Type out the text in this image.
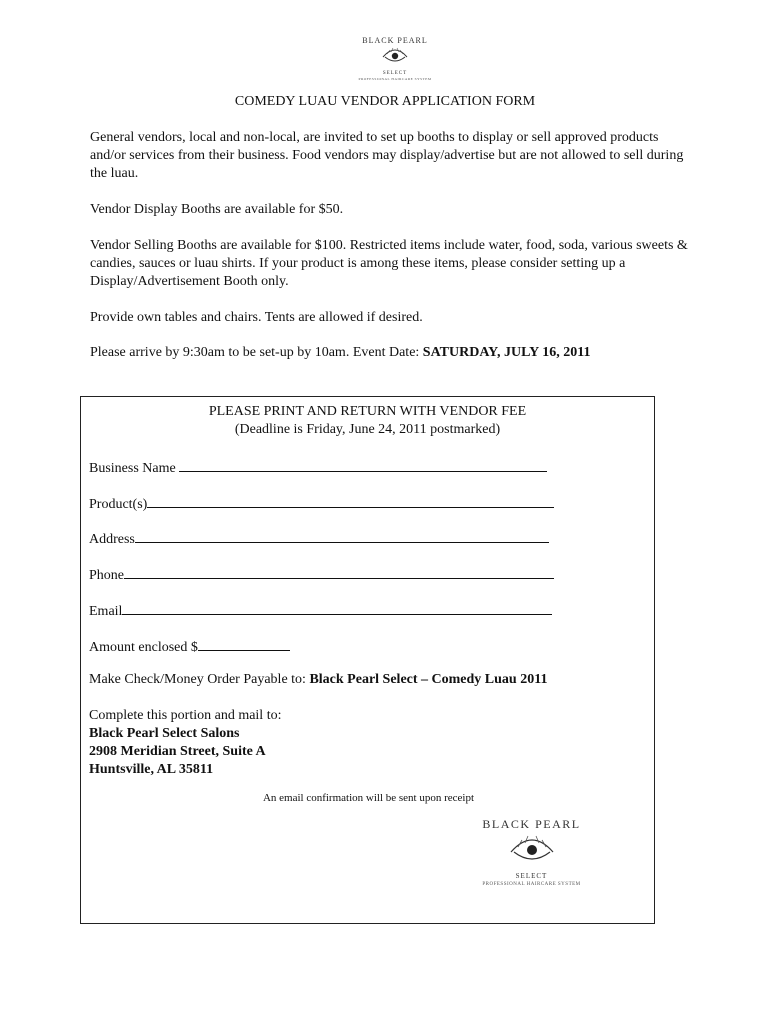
BLACK PEARL
SELECT
PROFESSIONAL HAIRCARE SYSTEM
COMEDY LUAU VENDOR APPLICATION FORM

General vendors, local and non-local, are invited to set up booths to display or sell approved products and/or services from their business. Food vendors may display/advertise but are not allowed to sell during the luau.

Vendor Display Booths are available for $50.

Vendor Selling Booths are available for $100. Restricted items include water, food, soda, various sweets & candies, sauces or luau shirts. If your product is among these items, please consider setting up a Display/Advertisement Booth only.

Provide own tables and chairs. Tents are allowed if desired.

Please arrive by 9:30am to be set-up by 10am. Event Date: SATURDAY, JULY 16, 2011

PLEASE PRINT AND RETURN WITH VENDOR FEE
(Deadline is Friday, June 24, 2011 postmarked)
Business Name
Product(s)
Address
Phone
Email
Amount enclosed $
Make Check/Money Order Payable to: Black Pearl Select – Comedy Luau 2011
Complete this portion and mail to:
Black Pearl Select Salons
2908 Meridian Street, Suite A
Huntsville, AL 35811
An email confirmation will be sent upon receipt
BLACK PEARL
SELECT
PROFESSIONAL HAIRCARE SYSTEM
